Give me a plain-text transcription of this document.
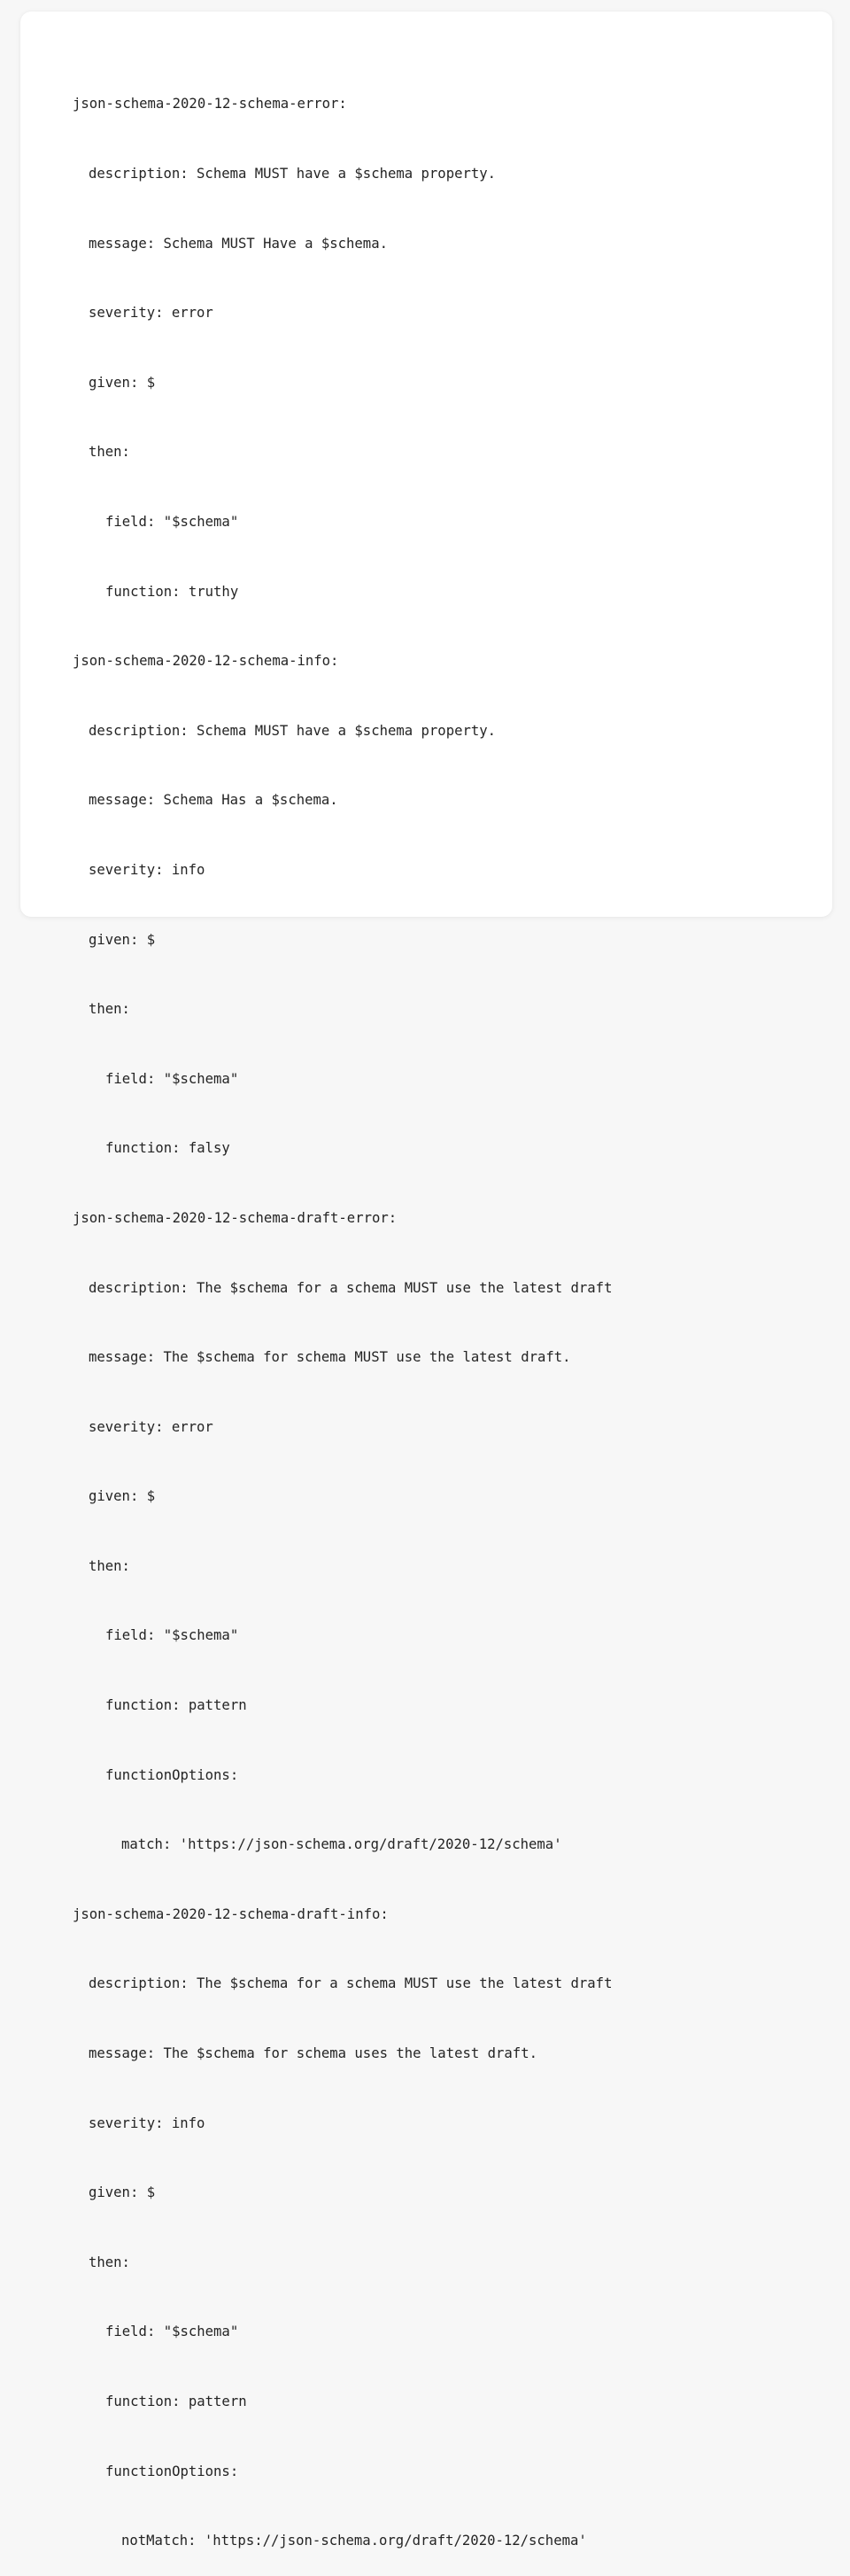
json-schema-2020-12-schema-error:

description: Schema MUST have a $schema property.

message: Schema MUST Have a $schema.

severity: error

given: $

then:

field: "$schema"

function: truthy

json-schema-2020-12-schema-info:

description: Schema MUST have a $schema property.

message: Schema Has a $schema.

severity: info

given: $

then:

field: "$schema"

function: falsy

json-schema-2020-12-schema-draft-error:

description: The $schema for a schema MUST use the latest draft

message: The $schema for schema MUST use the latest draft.

severity: error

given: $

then:

field: "$schema"

function: pattern

functionOptions:

match: 'https://json-schema.org/draft/2020-12/schema'

json-schema-2020-12-schema-draft-info:

description: The $schema for a schema MUST use the latest draft

message: The $schema for schema uses the latest draft.

severity: info

given: $

then:

field: "$schema"

function: pattern

functionOptions:

notMatch: 'https://json-schema.org/draft/2020-12/schema'
